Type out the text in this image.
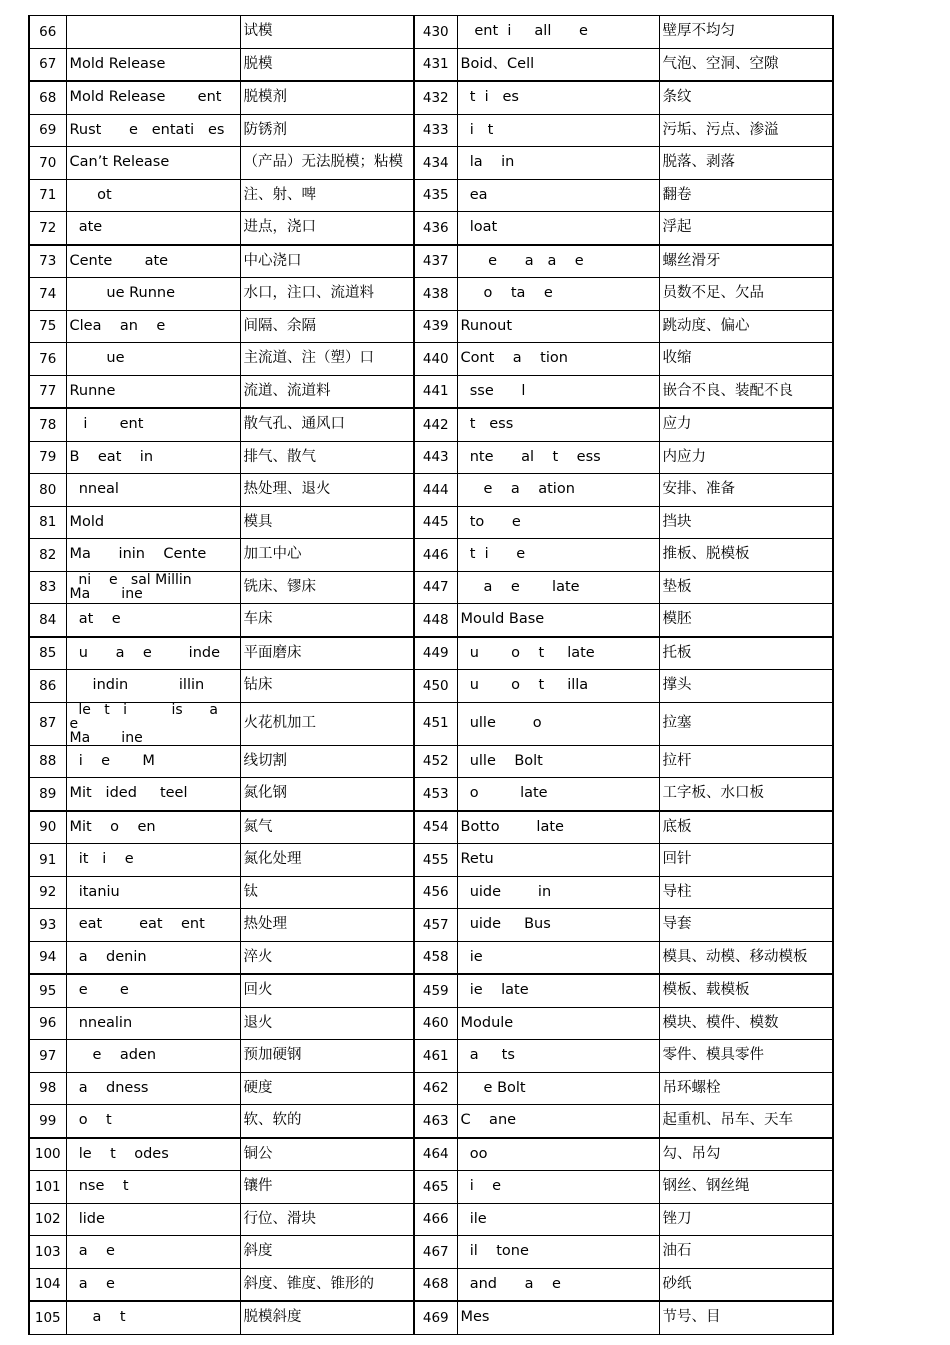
66		试模	430	ent  i     all      e	壁厚不均匀
67	Mold Release	脱模	431	Boid、Cell	气泡、空洞、空隙
68	Mold Release       ent	脱模剂	432	t  i   es	条纹
69	Rust      e   entati   es	防锈剂	433	i   t	污垢、污点、渗溢
70	Can’t Release	（产品）无法脱模；粘模	434	la    in	脱落、剥落
71	ot	注、射、啤	435	ea	翻卷
72	ate	进点，浇口	436	loat	浮起
73	Cente       ate	中心浇口	437	e      a   a    e	螺丝滑牙
74	ue Runne	水口，注口、流道料	438	o    ta    e	员数不足、欠品
75	Clea    an    e	间隔、余隔	439	Runout	跳动度、偏心
76	ue	主流道、注（塑）口	440	Cont    a    tion	收缩
77	Runne	流道、流道料	441	sse      l	嵌合不良、装配不良
78	i       ent	散气孔、通风口	442	t   ess	应力
79	B    eat    in	排气、散气	443	nte      al    t    ess	内应力
80	nneal	热处理、退火	444	e    a    ation	安排、准备
81	Mold	模具	445	to      e	挡块
82	Ma      inin    Cente	加工中心	446	t  i      e	推板、脱模板
83	ni    e   sal Millin
Ma       ine	铣床、镠床	447	a    e       late	垫板
84	at    e	车床	448	Mould Base	模胚
85	u      a    e        inde	平面磨床	449	u       o    t     late	托板
86	indin           illin	钻床	450	u       o    t     illa	撑头
87	le   t   i          is      a          e
Ma       ine	火花机加工	451	ulle        o	拉塞
88	i    e       M	线切割	452	ulle    Bolt	拉杆
89	Mit   ided     teel	氮化钢	453	o         late	工字板、水口板
90	Mit    o    en	氮气	454	Botto        late	底板
91	it   i    e	氮化处理	455	Retu	回针
92	itaniu	钛	456	uide        in	导柱
93	eat        eat    ent	热处理	457	uide     Bus	导套
94	a    denin	淬火	458	ie	模具、动模、移动模板
95	e       e	回火	459	ie    late	模板、载模板
96	nnealin	退火	460	Module	模块、模件、模数
97	e    aden	预加硬钢	461	a     ts	零件、模具零件
98	a    dness	硬度	462	e Bolt	吊环螺栓
99	o    t	软、软的	463	C    ane	起重机、吊车、天车
100	le    t    odes	铜公	464	oo	勾、吊勾
101	nse    t	镶件	465	i    e	钢丝、钢丝绳
102	lide	行位、滑块	466	ile	锉刀
103	a    e	斜度	467	il    tone	油石
104	a    e	斜度、锥度、锥形的	468	and      a    e	砂纸
105	a    t	脱模斜度	469	Mes	节号、目
